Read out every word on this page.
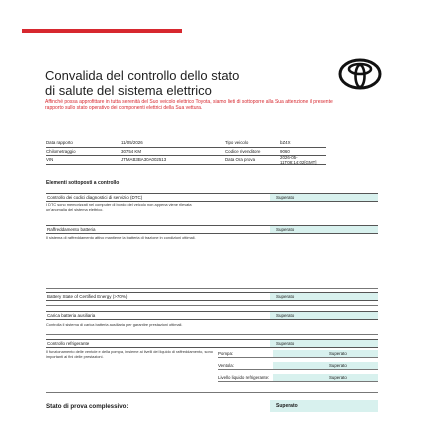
Convalida del controllo dello stato
di salute del sistema elettrico
Affinché possa approfittare in tutta serenità del Suo veicolo elettrico Toyota, siamo lieti di sottoporre alla Sua attenzione il presente rapporto sullo stato operativo dei componenti elettrici della Sua vettura.
Data rapporto	11/05/2026	Tipo veicolo	bZ4X
Chilometraggio	30754 KM	Codice rivenditore	9060
VIN	JTMAB3BA30A002513	Data Ora prova	2026-05-11T08:14:02[GMT]
Elementi sottoposti a controllo
Controllo dei codici diagnostici di servizio (DTC)	Superato
I DTC sono memorizzati nel computer di bordo del veicolo non appena viene rilevata un'anomalia del sistema elettrico.
Raffreddamento batteria	Superato
Il sistema di raffreddamento attivo mantiene la batteria di trazione in condizioni ottimali.
Battery State of Certified Energy (>70%)	Superato
Carica batteria ausiliaria	Superato
Controlla il sistema di carica batteria ausiliaria per garantire prestazioni ottimali.
Controllo refrigerante	Superato
Il funzionamento delle ventole e della pompa, insieme ai livelli del liquido di raffreddamento, sono importanti ai fini delle prestazioni.
Pompa:	Superato
Ventola:	Superato
Livello liquido refrigerante:	Superato
Stato di prova complessivo:	Superato
